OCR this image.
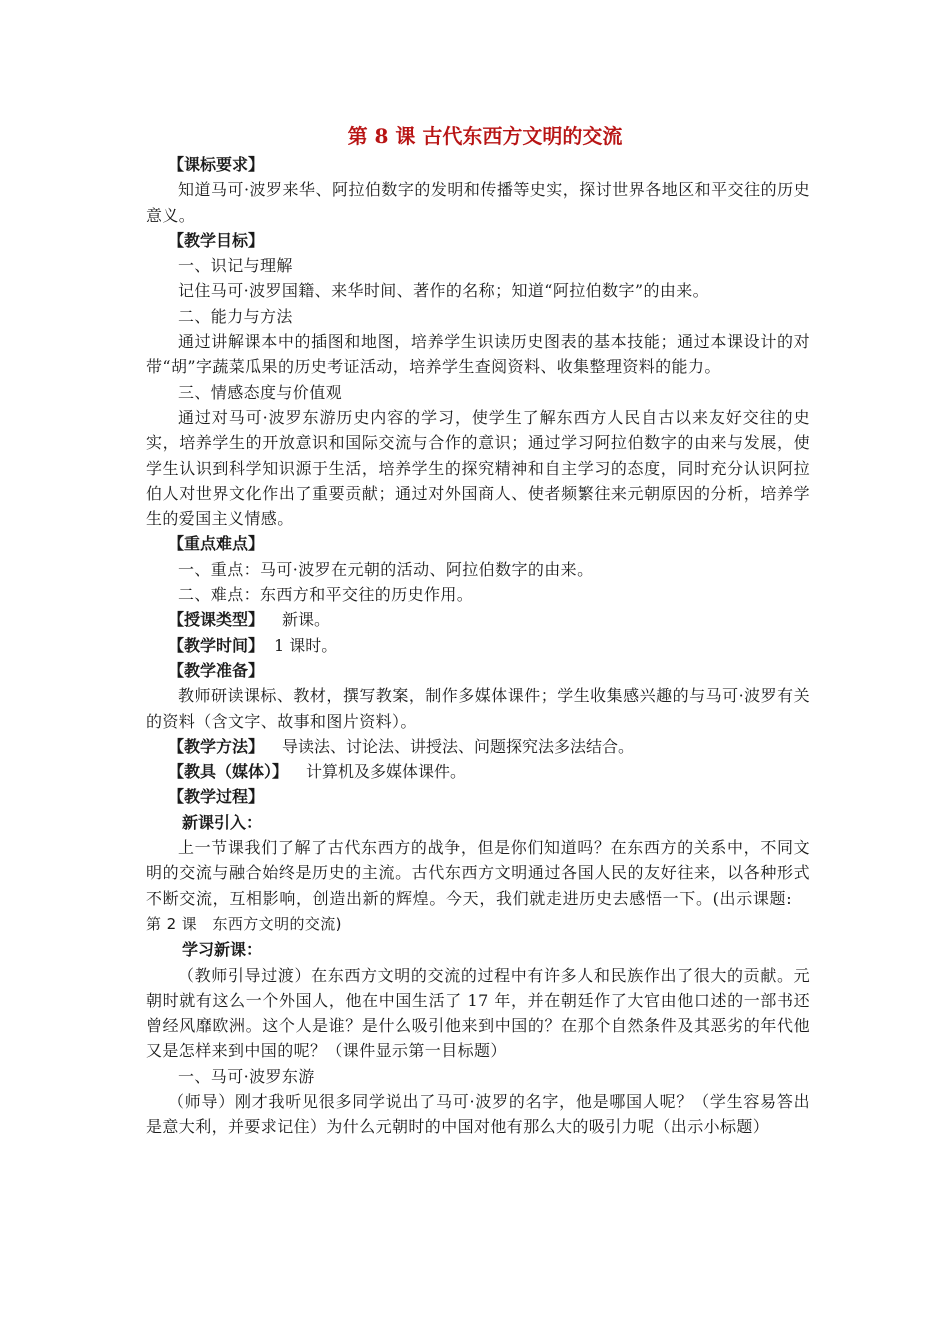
第 8 课 古代东西方文明的交流

【课标要求】

知道马可·波罗来华、阿拉伯数字的发明和传播等史实，探讨世界各地区和平交往的历史意义。

【教学目标】

一、识记与理解

记住马可·波罗国籍、来华时间、著作的名称；知道“阿拉伯数字”的由来。

二、能力与方法

通过讲解课本中的插图和地图，培养学生识读历史图表的基本技能；通过本课设计的对带“胡”字蔬菜瓜果的历史考证活动，培养学生查阅资料、收集整理资料的能力。

三、情感态度与价值观

通过对马可·波罗东游历史内容的学习，使学生了解东西方人民自古以来友好交往的史实，培养学生的开放意识和国际交流与合作的意识；通过学习阿拉伯数字的由来与发展，使学生认识到科学知识源于生活，培养学生的探究精神和自主学习的态度，同时充分认识阿拉伯人对世界文化作出了重要贡献；通过对外国商人、使者频繁往来元朝原因的分析，培养学生的爱国主义情感。

【重点难点】

一、重点：马可·波罗在元朝的活动、阿拉伯数字的由来。

二、难点：东西方和平交往的历史作用。

【授课类型】 新课。

【教学时间】 1 课时。

【教学准备】

教师研读课标、教材，撰写教案，制作多媒体课件；学生收集感兴趣的与马可·波罗有关的资料（含文字、故事和图片资料）。

【教学方法】 导读法、讨论法、讲授法、问题探究法多法结合。

【教具（媒体）】 计算机及多媒体课件。

【教学过程】

新课引入：

上一节课我们了解了古代东西方的战争，但是你们知道吗？在东西方的关系中，不同文明的交流与融合始终是历史的主流。古代东西方文明通过各国人民的友好往来，以各种形式不断交流，互相影响，创造出新的辉煌。今天，我们就走进历史去感悟一下。(出示课题:第 2 课　东西方文明的交流)

学习新课：

（教师引导过渡）在东西方文明的交流的过程中有许多人和民族作出了很大的贡献。元朝时就有这么一个外国人，他在中国生活了 17 年，并在朝廷作了大官由他口述的一部书还曾经风靡欧洲。这个人是谁？是什么吸引他来到中国的？在那个自然条件及其恶劣的年代他又是怎样来到中国的呢？（课件显示第一目标题）

一、马可·波罗东游

（师导）刚才我听见很多同学说出了马可·波罗的名字，他是哪国人呢？（学生容易答出是意大利，并要求记住）为什么元朝时的中国对他有那么大的吸引力呢（出示小标题）
